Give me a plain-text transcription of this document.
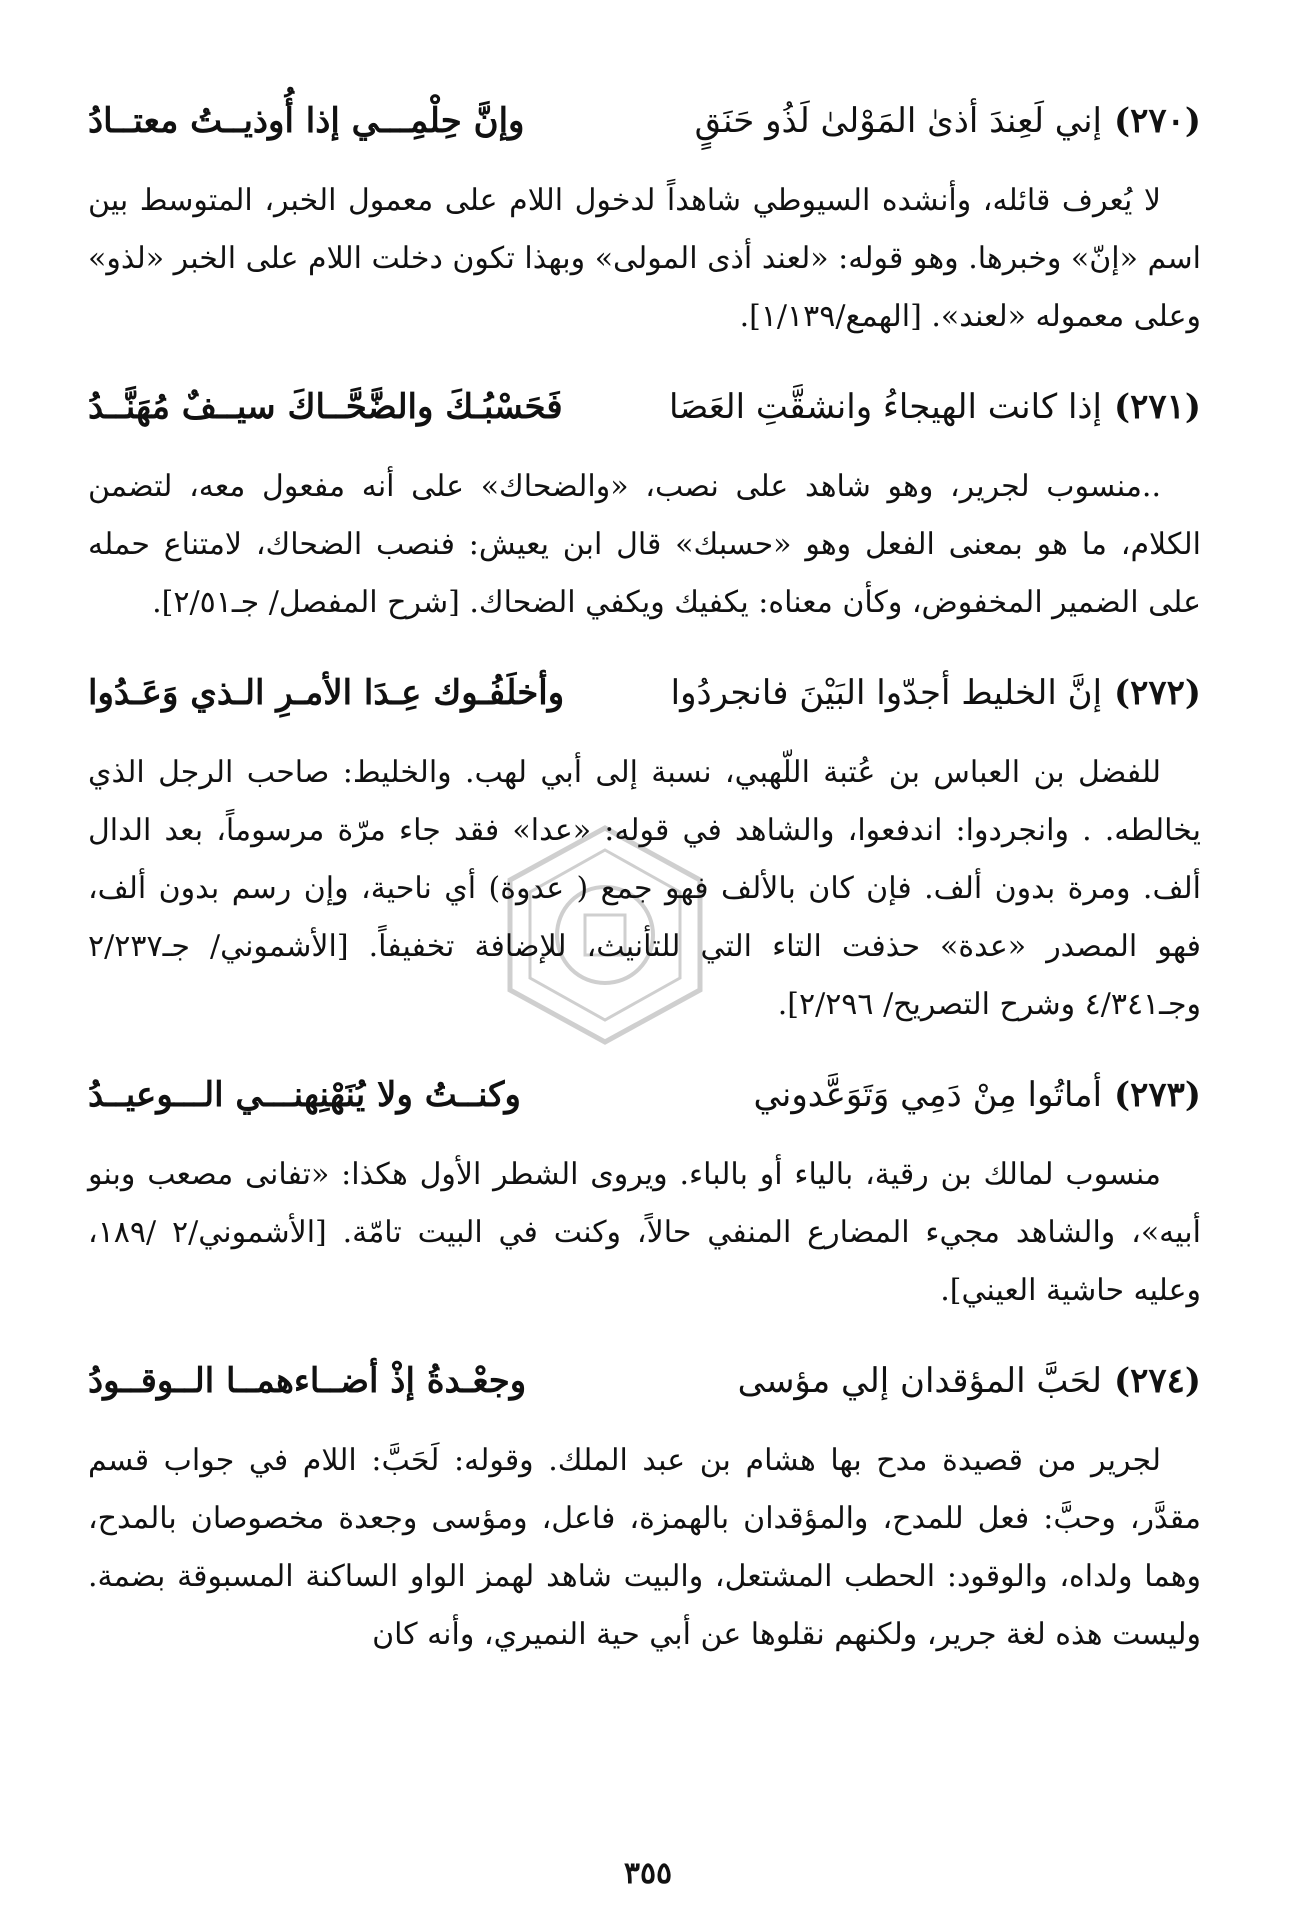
(٢٧٠)
إني لَعِندَ أذىٰ المَوْلىٰ لَذُو حَنَقٍ
وإنَّ حِلْمِـــي إذا أُوذيــتُ معتــادُ

لا يُعرف قائله، وأنشده السيوطي شاهداً لدخول اللام على معمول الخبر، المتوسط بين اسم «إنّ» وخبرها. وهو قوله: «لعند أذى المولى» وبهذا تكون دخلت اللام على الخبر «لذو» وعلى معموله «لعند». [الهمع/١/١٣٩].

(٢٧١)
إذا كانت الهيجاءُ وانشقَّتِ العَصَا
فَحَسْبُـكَ والضَّحَّــاكَ سيــفٌ مُهَنَّــدُ

..منسوب لجرير، وهو شاهد على نصب، «والضحاك» على أنه مفعول معه، لتضمن الكلام، ما هو بمعنى الفعل وهو «حسبك» قال ابن يعيش: فنصب الضحاك، لامتناع حمله على الضمير المخفوض، وكأن معناه: يكفيك ويكفي الضحاك. [شرح المفصل/ جـ٢/٥١].

(٢٧٢)
إنَّ الخليط أجدّوا البَيْنَ فانجردُوا
وأخلَفُـوك عِـدَا الأمـرِ الـذي وَعَـدُوا

للفضل بن العباس بن عُتبة اللّهبي، نسبة إلى أبي لهب. والخليط: صاحب الرجل الذي يخالطه. . وانجردوا: اندفعوا، والشاهد في قوله: «عدا» فقد جاء مرّة مرسوماً، بعد الدال ألف. ومرة بدون ألف. فإن كان بالألف فهو جمع ( عدوة) أي ناحية، وإن رسم بدون ألف، فهو المصدر «عدة» حذفت التاء التي للتأنيث، للإضافة تخفيفاً. [الأشموني/ جـ٢/٢٣٧ وجـ٤/٣٤١ وشرح التصريح/ ٢/٢٩٦].

(٢٧٣)
أماتُوا مِنْ دَمِي وَتَوَعَّدوني
وكنــتُ ولا يُنَهْنِهنـــي الـــوعيــدُ

منسوب لمالك بن رقية، بالياء أو بالباء. ويروى الشطر الأول هكذا: «تفانى مصعب وبنو أبيه»، والشاهد مجيء المضارع المنفي حالاً، وكنت في البيت تامّة. [الأشموني/٢ /١٨٩، وعليه حاشية العيني].

(٢٧٤)
لحَبَّ المؤقدان إلي مؤسى
وجعْـدةُ إذْ أضــاءهمــا الــوقــودُ

لجرير من قصيدة مدح بها هشام بن عبد الملك. وقوله: لَحَبَّ: اللام في جواب قسم مقدَّر، وحبَّ: فعل للمدح، والمؤقدان بالهمزة، فاعل، ومؤسى وجعدة مخصوصان بالمدح، وهما ولداه، والوقود: الحطب المشتعل، والبيت شاهد لهمز الواو الساكنة المسبوقة بضمة. وليست هذه لغة جرير، ولكنهم نقلوها عن أبي حية النميري، وأنه كان

٣٥٥
